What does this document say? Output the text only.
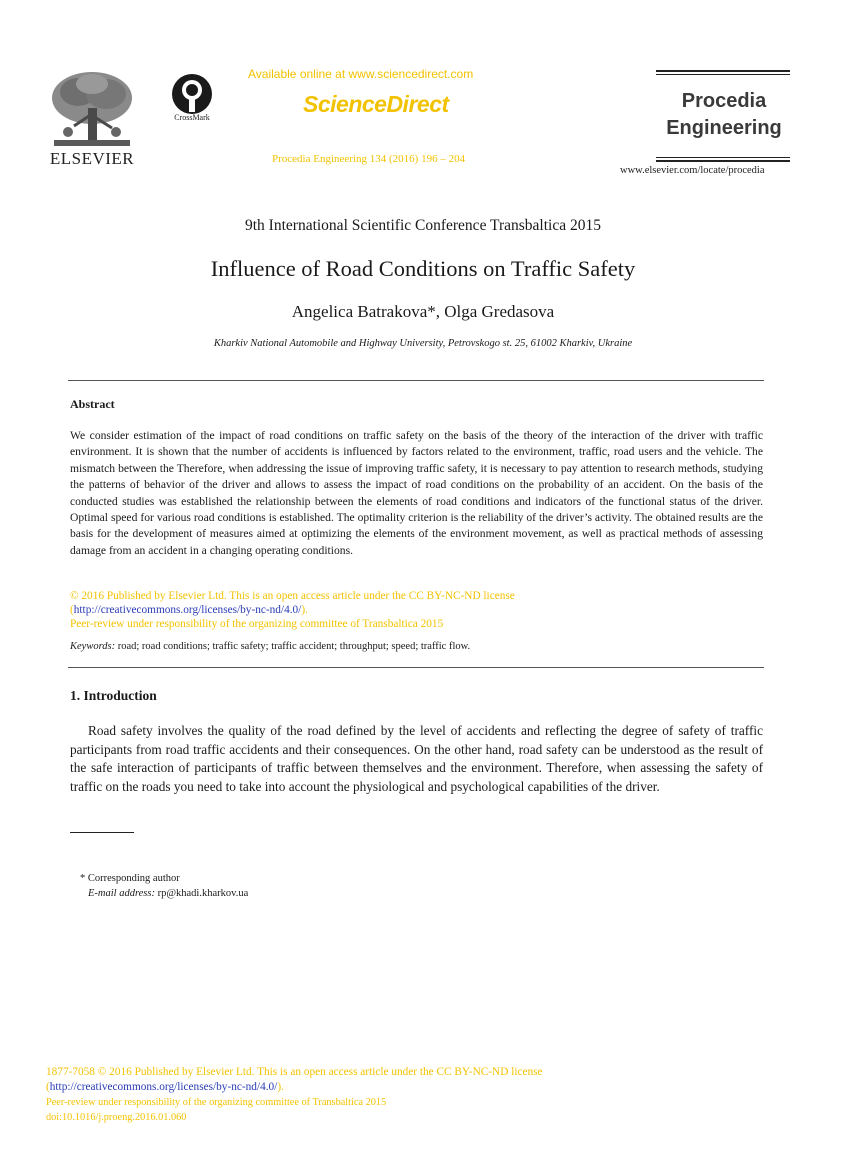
ELSEVIER
CrossMark
Available online at www.sciencedirect.com
ScienceDirect
Procedia Engineering 134 (2016) 196 – 204
Procedia
Engineering
www.elsevier.com/locate/procedia
9th International Scientific Conference Transbaltica 2015
Influence of Road Conditions on Traffic Safety
Angelica Batrakova*, Olga Gredasova
Kharkiv National Automobile and Highway University, Petrovskogo st. 25, 61002 Kharkiv, Ukraine
Abstract
We consider estimation of the impact of road conditions on traffic safety on the basis of the theory of the interaction of the driver with traffic environment. It is shown that the number of accidents is influenced by factors related to the environment, traffic, road users and the vehicle. The mismatch between the Therefore, when addressing the issue of improving traffic safety, it is necessary to pay attention to research methods, studying the patterns of behavior of the driver and allows to assess the impact of road conditions on the probability of an accident. On the basis of the conducted studies was established the relationship between the elements of road conditions and indicators of the functional status of the driver. Optimal speed for various road conditions is established. The optimality criterion is the reliability of the driver’s activity. The obtained results are the basis for the development of measures aimed at optimizing the elements of the environment movement, as well as practical methods of assessing damage from an accident in a changing operating conditions.
© 2016 Published by Elsevier Ltd. This is an open access article under the CC BY-NC-ND license
(http://creativecommons.org/licenses/by-nc-nd/4.0/).
Peer-review under responsibility of the organizing committee of Transbaltica 2015
Keywords: road; road conditions; traffic safety; traffic accident; throughput; speed; traffic flow.
1. Introduction
Road safety involves the quality of the road defined by the level of accidents and reflecting the degree of safety of traffic participants from road traffic accidents and their consequences. On the other hand, road safety can be understood as the result of the safe interaction of participants of traffic between themselves and the environment. Therefore, when assessing the safety of traffic on the roads you need to take into account the physiological and psychological capabilities of the driver.
* Corresponding author
E-mail address: rp@khadi.kharkov.ua
1877-7058 © 2016 Published by Elsevier Ltd. This is an open access article under the CC BY-NC-ND license
(http://creativecommons.org/licenses/by-nc-nd/4.0/).
Peer-review under responsibility of the organizing committee of Transbaltica 2015
doi:10.1016/j.proeng.2016.01.060
